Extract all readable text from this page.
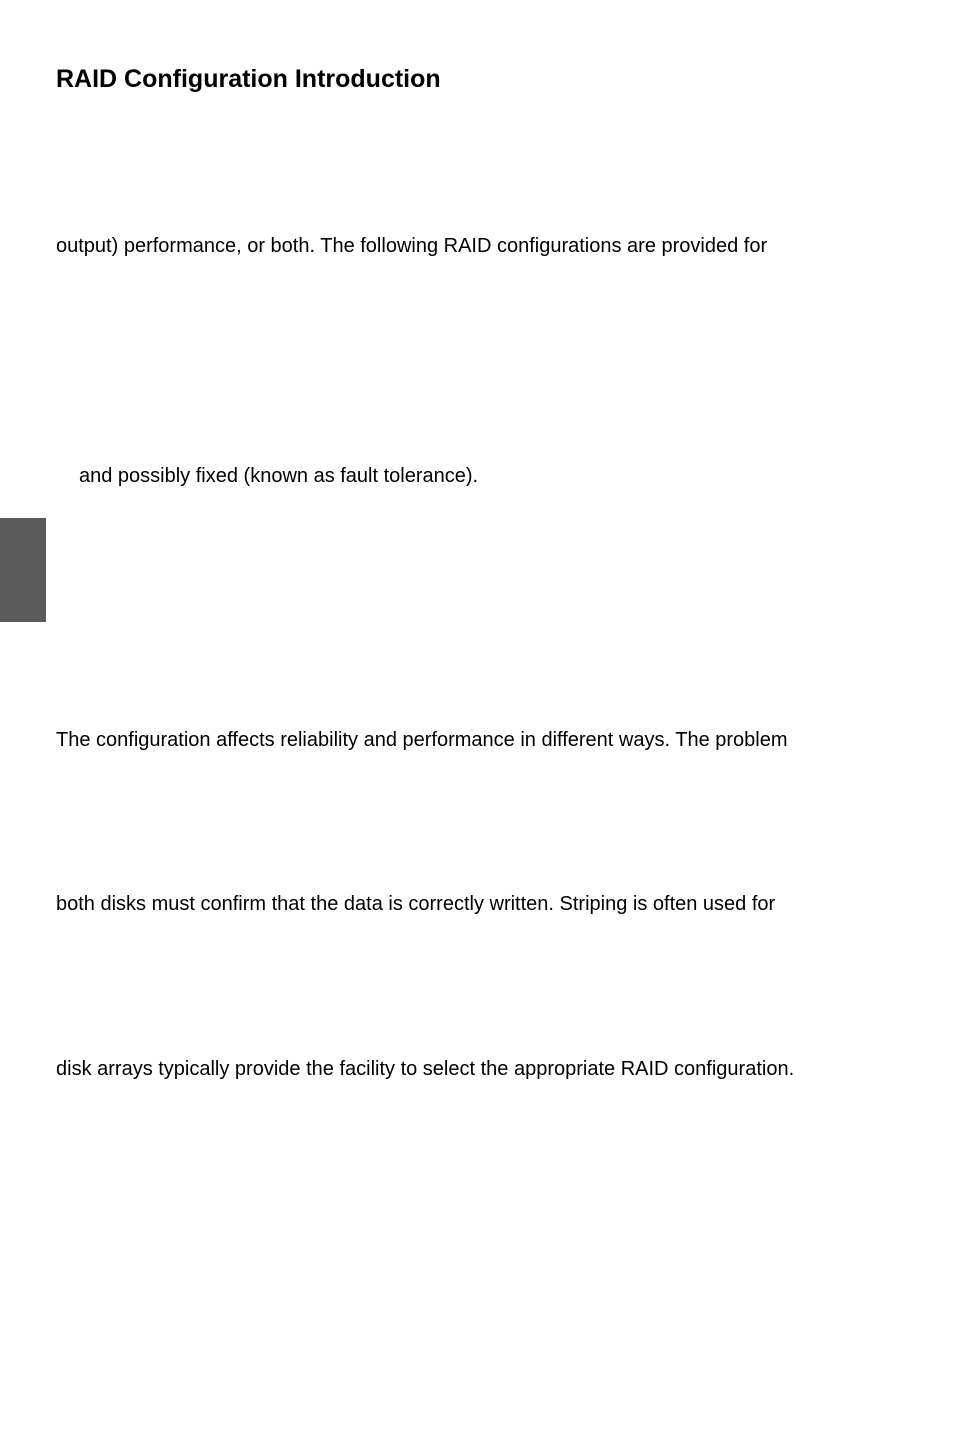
RAID Configuration Introduction

output) performance, or both. The following RAID configurations are provided for

and possibly fixed (known as fault tolerance).

The configuration affects reliability and performance in different ways. The problem

both disks must confirm that the data is correctly written. Striping is often used for

disk arrays typically provide the facility to select the appropriate RAID configuration.
